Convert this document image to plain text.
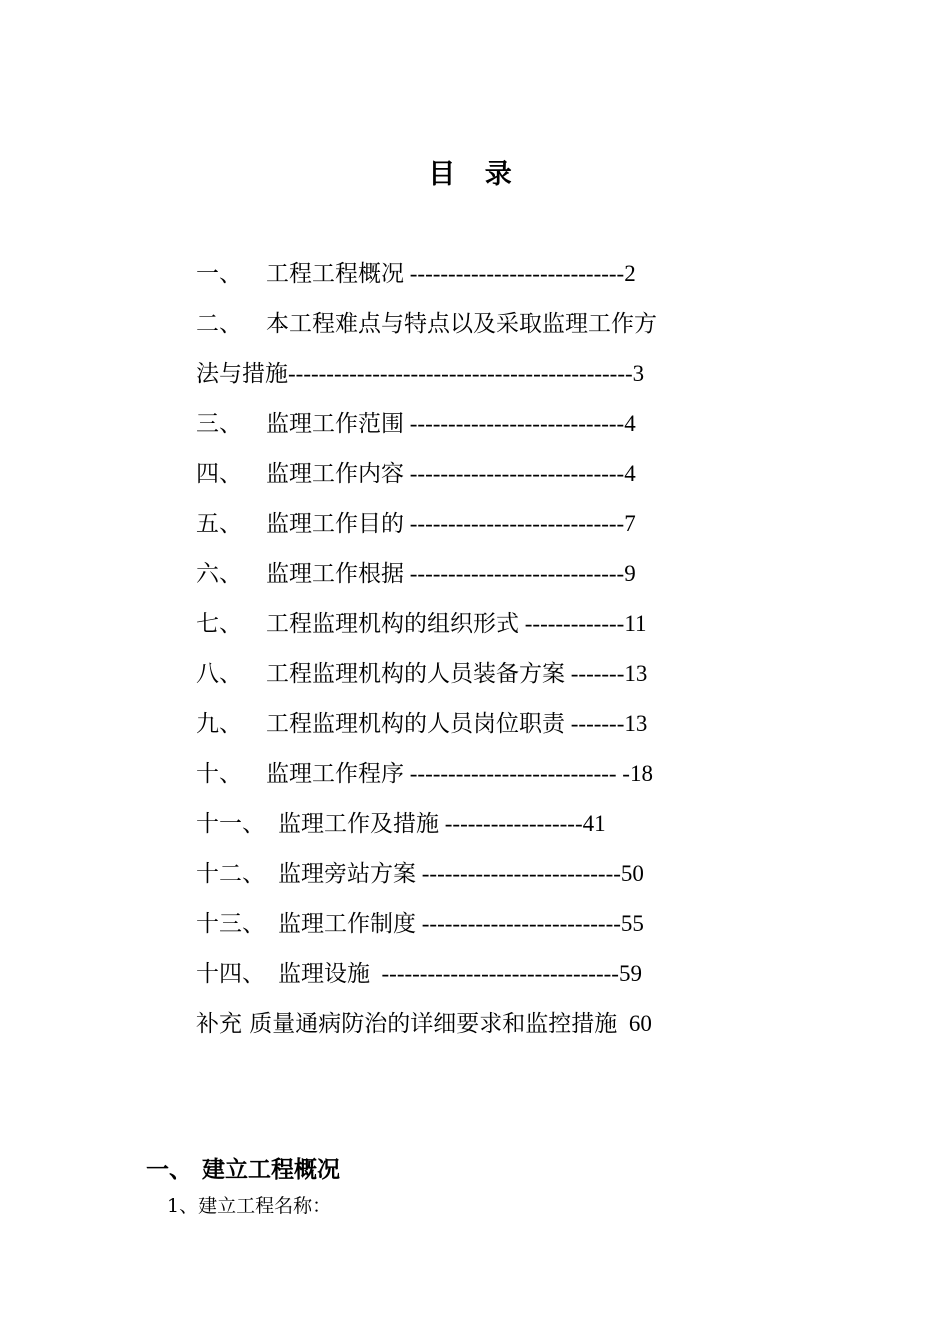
目 录
一、 工程工程概况 ----------------------------2
二、 本工程难点与特点以及采取监理工作方
法与措施---------------------------------------------3
三、 监理工作范围 ----------------------------4
四、 监理工作内容 ----------------------------4
五、 监理工作目的 ----------------------------7
六、 监理工作根据 ----------------------------9
七、 工程监理机构的组织形式 -------------11
八、 工程监理机构的人员装备方案 -------13
九、 工程监理机构的人员岗位职责 -------13
十、 监理工作程序 --------------------------- -18
十一、 监理工作及措施 ------------------41
十二、 监理旁站方案 --------------------------50
十三、 监理工作制度 --------------------------55
十四、 监理设施  -------------------------------59
补充 质量通病防治的详细要求和监控措施 60
一、 建立工程概况
1、建立工程名称：
